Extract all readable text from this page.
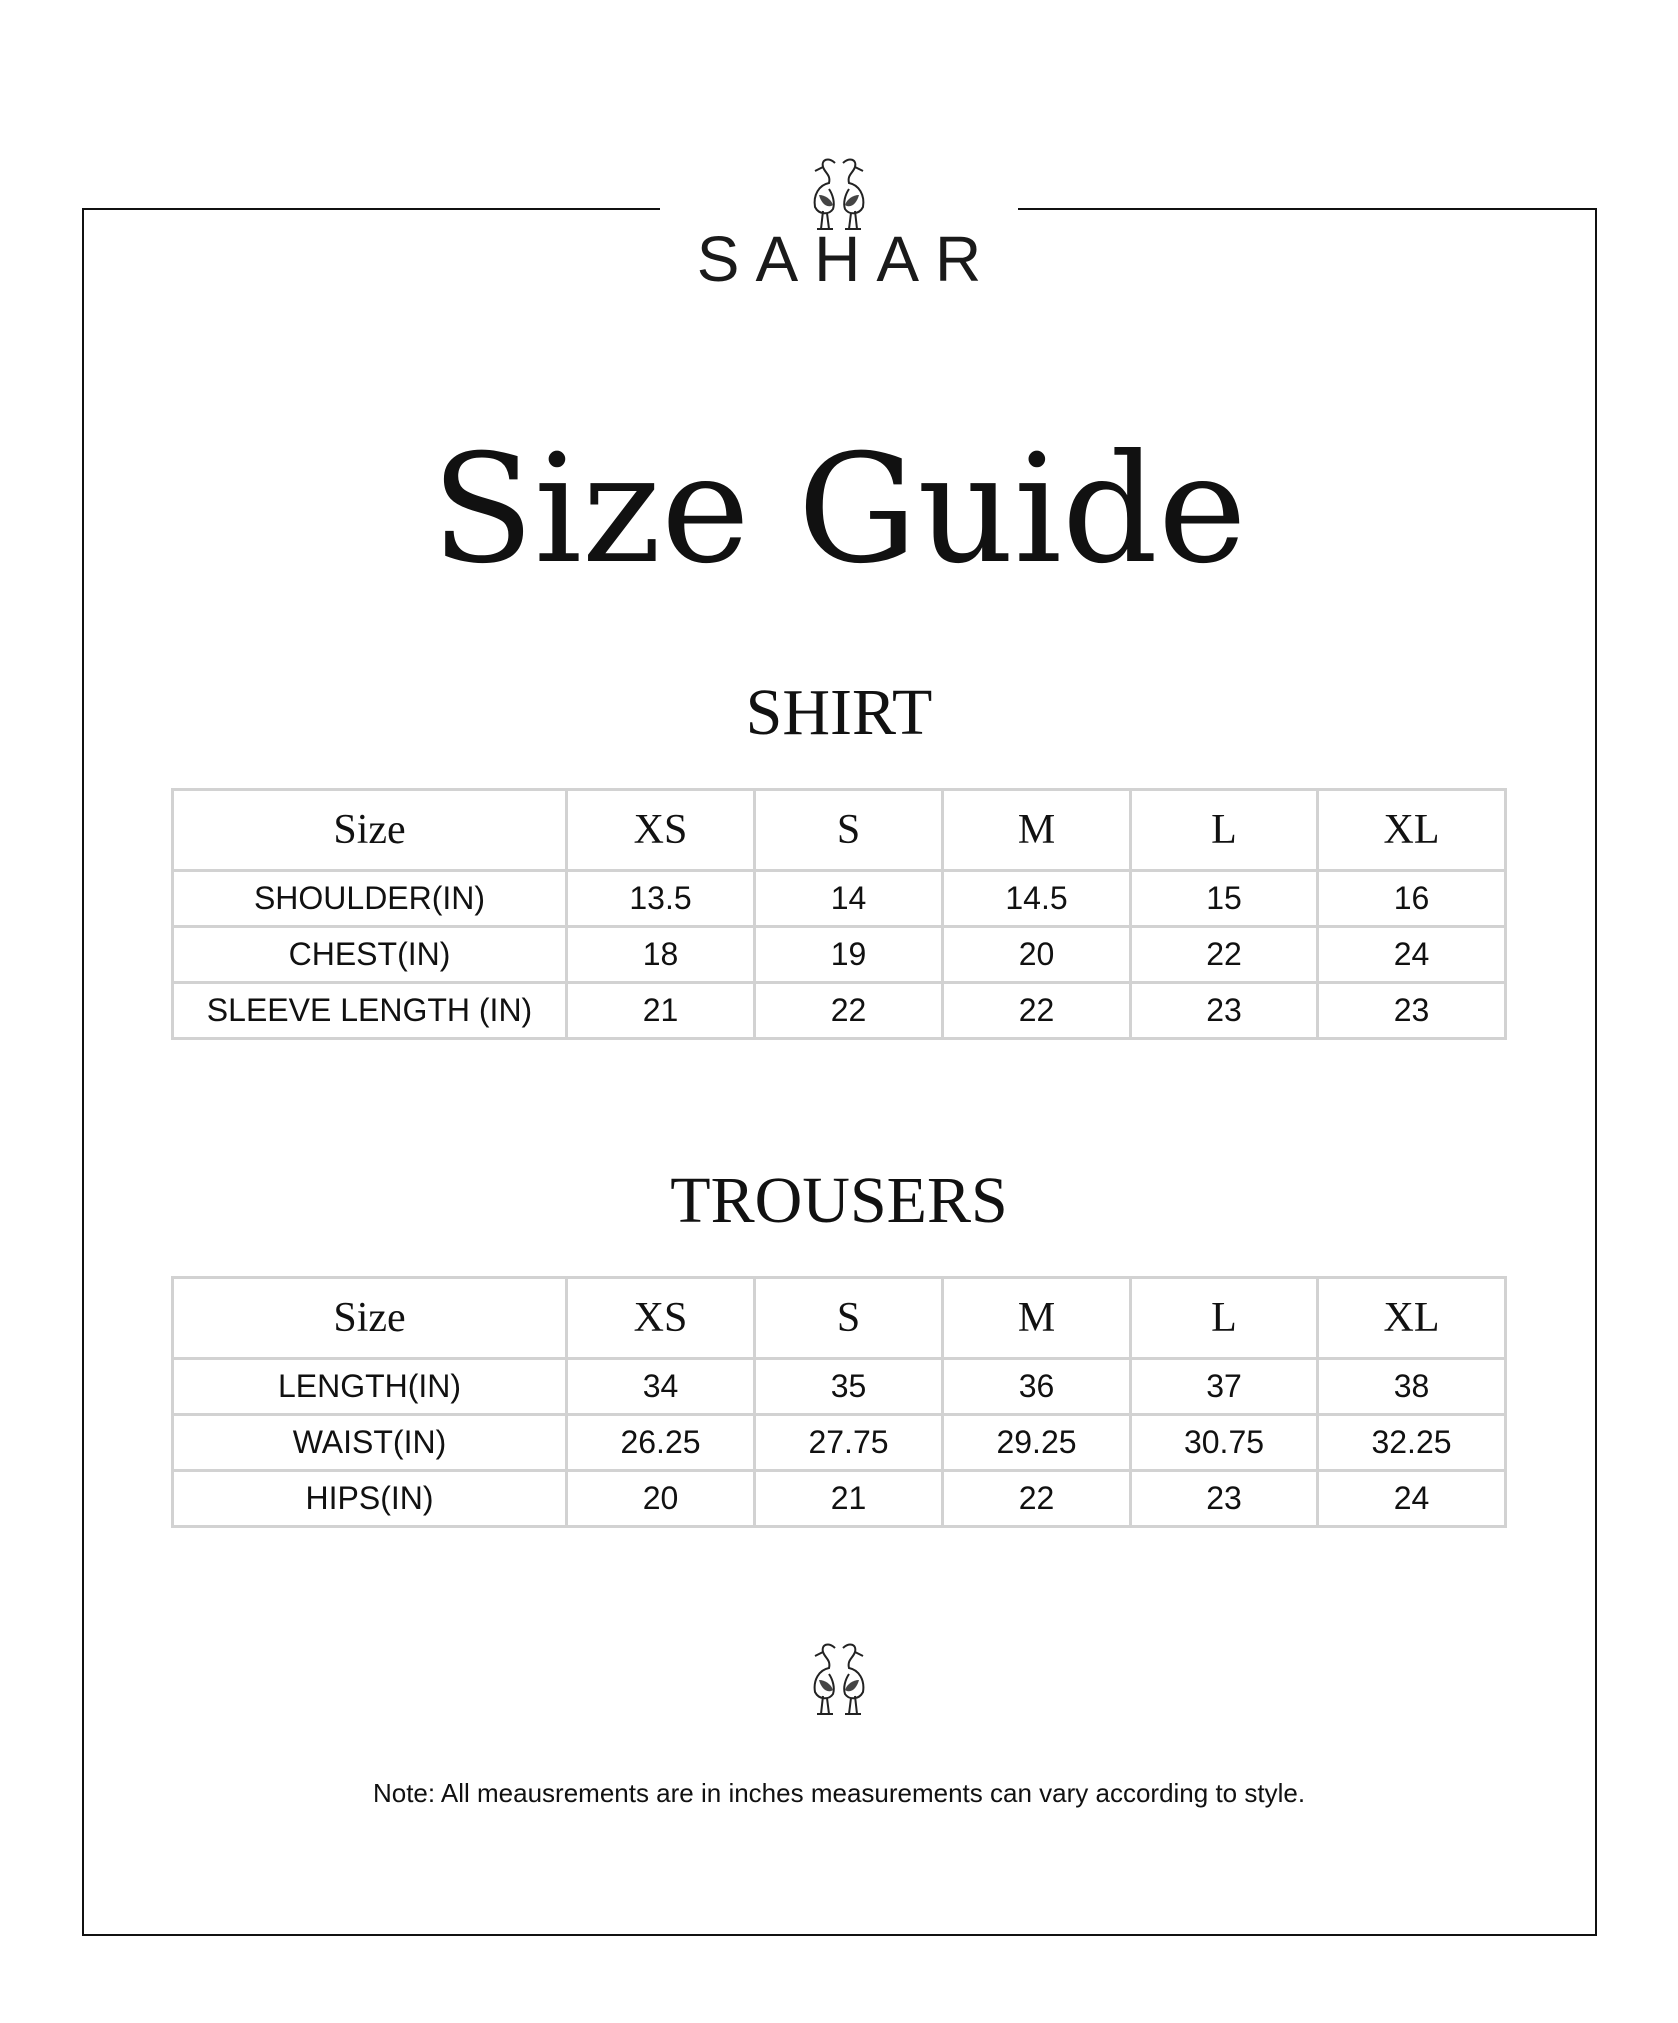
SAHAR
Size Guide
SHIRT
Size	XS	S	M	L	XL
SHOULDER(IN)	13.5	14	14.5	15	16
CHEST(IN)	18	19	20	22	24
SLEEVE LENGTH (IN)	21	22	22	23	23
TROUSERS
Size	XS	S	M	L	XL
LENGTH(IN)	34	35	36	37	38
WAIST(IN)	26.25	27.75	29.25	30.75	32.25
HIPS(IN)	20	21	22	23	24
Note: All meausrements are in inches measurements can vary according to style.
